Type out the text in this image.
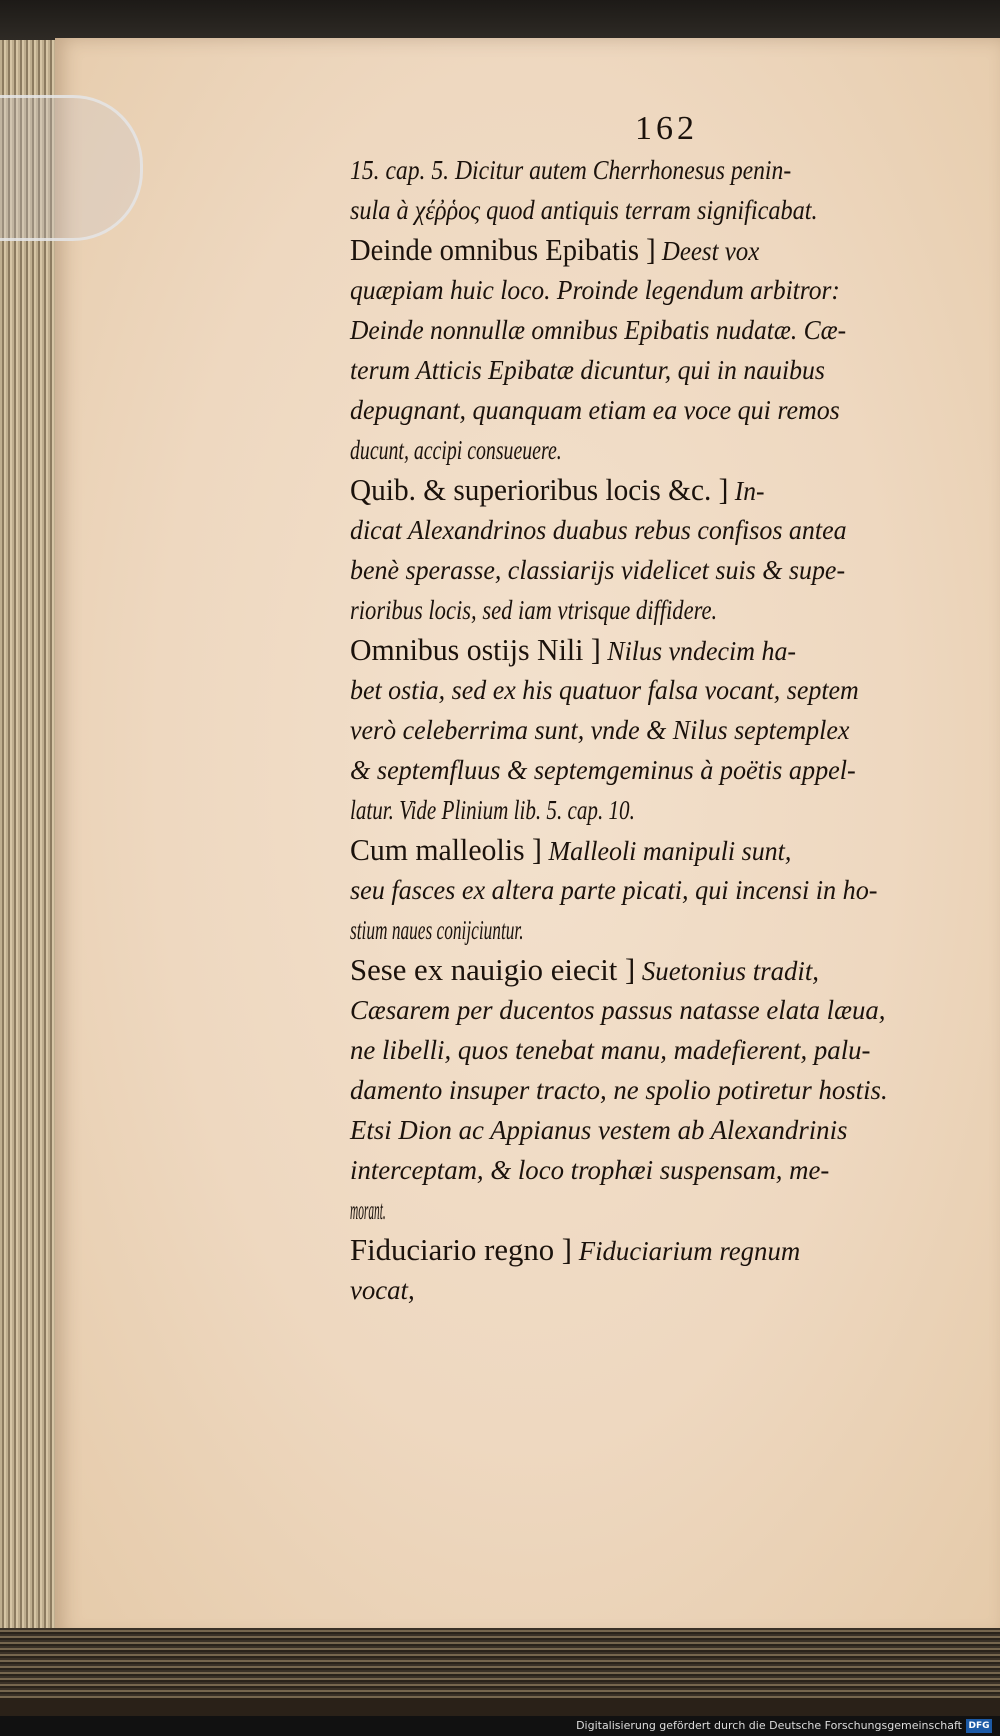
162
15. cap. 5. Dicitur autem Cherrhonesus penin-
sula à χέῤῥος quod antiquis terram significabat.
Deinde omnibus Epibatis ] Deest vox
quæpiam huic loco. Proinde legendum arbitror:
Deinde nonnullæ omnibus Epibatis nudatæ. Cæ-
terum Atticis Epibatæ dicuntur, qui in nauibus
depugnant, quanquam etiam ea voce qui remos
ducunt, accipi consueuere.
Quib. & superioribus locis &c. ] In-
dicat Alexandrinos duabus rebus confisos antea
benè sperasse, classiarijs videlicet suis & supe-
rioribus locis, sed iam vtrisque diffidere.
Omnibus ostijs Nili ] Nilus vndecim ha-
bet ostia, sed ex his quatuor falsa vocant, septem
verò celeberrima sunt, vnde & Nilus septemplex
& septemfluus & septemgeminus à poëtis appel-
latur. Vide Plinium lib. 5. cap. 10.
Cum malleolis ] Malleoli manipuli sunt,
seu fasces ex altera parte picati, qui incensi in ho-
stium naues conijciuntur.
Sese ex nauigio eiecit ] Suetonius tradit,
Cæsarem per ducentos passus natasse elata læua,
ne libelli, quos tenebat manu, madefierent, palu-
damento insuper tracto, ne spolio potiretur hostis.
Etsi Dion ac Appianus vestem ab Alexandrinis
interceptam, & loco trophæi suspensam, me-
morant.
Fiduciario regno ] Fiduciarium regnum
vocat,
Digitalisierung gefördert durch die Deutsche Forschungsgemeinschaft DFG
